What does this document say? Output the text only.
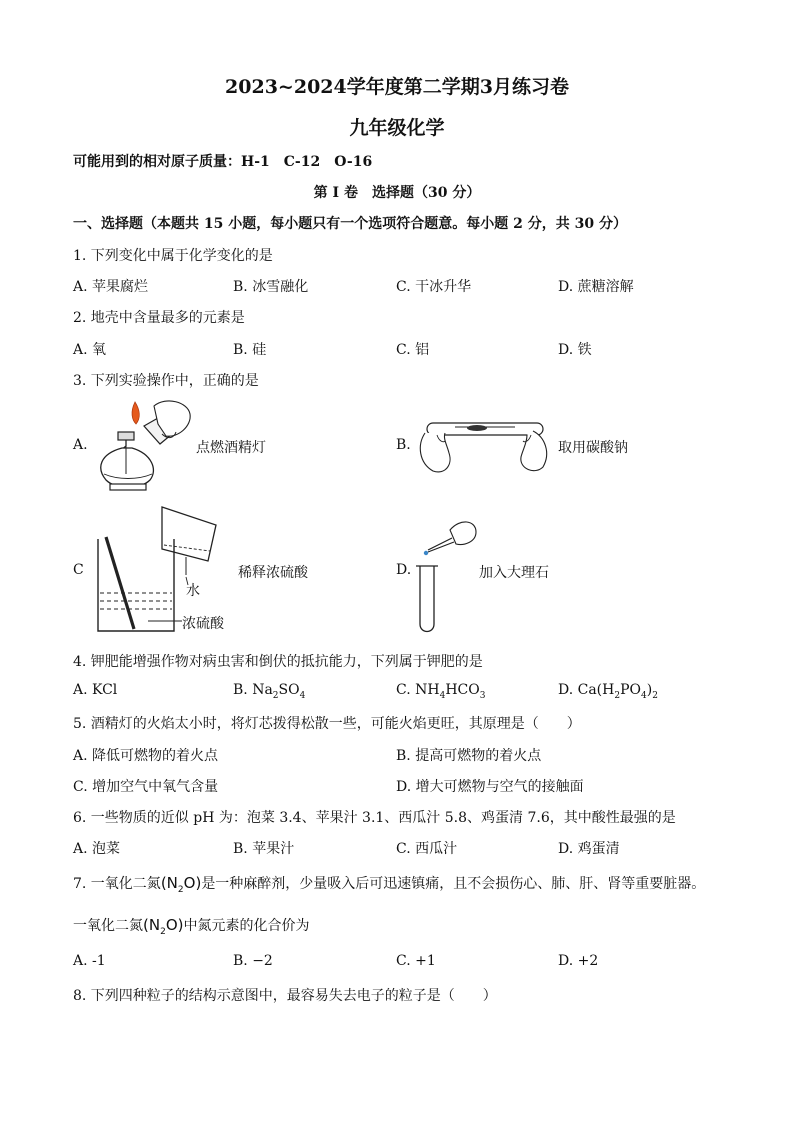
2023~2024学年度第二学期3月练习卷
九年级化学
可能用到的相对原子质量：H-1　C-12　O-16
第 I 卷　选择题（30 分）
一、选择题（本题共 15 小题，每小题只有一个选项符合题意。每小题 2 分，共 30 分）
1. 下列变化中属于化学变化的是
A. 苹果腐烂	B. 冰雪融化	C. 干冰升华	D. 蔗糖溶解
2. 地壳中含量最多的元素是
A. 氧	B. 硅	C. 铝	D. 铁
3. 下列实验操作中，正确的是
A.	点燃酒精灯	B.	取用碳酸钠
C	稀释浓硫酸
水
浓硫酸
D.	加入大理石
4. 钾肥能增强作物对病虫害和倒伏的抵抗能力，下列属于钾肥的是
A. KCl	B. $Na_2SO_4$	C. $NH_4HCO_3$	D. $Ca(H_2PO_4)_2$
5. 酒精灯的火焰太小时，将灯芯拨得松散一些，可能火焰更旺，其原理是（　　）
A. 降低可燃物的着火点	B. 提高可燃物的着火点
C. 增加空气中氧气含量	D. 增大可燃物与空气的接触面
6. 一些物质的近似 pH 为：泡菜 3.4、苹果汁 3.1、西瓜汁 5.8、鸡蛋清 7.6，其中酸性最强的是
A. 泡菜	B. 苹果汁	C. 西瓜汁	D. 鸡蛋清
7. 一氧化二氮$(N_2O)$是一种麻醉剂，少量吸入后可迅速镇痛，且不会损伤心、肺、肝、肾等重要脏器。
一氧化二氮$(N_2O)$中氮元素的化合价为
A. -1	B. −2	C. +1	D. +2
8. 下列四种粒子的结构示意图中，最容易失去电子的粒子是（　　）
